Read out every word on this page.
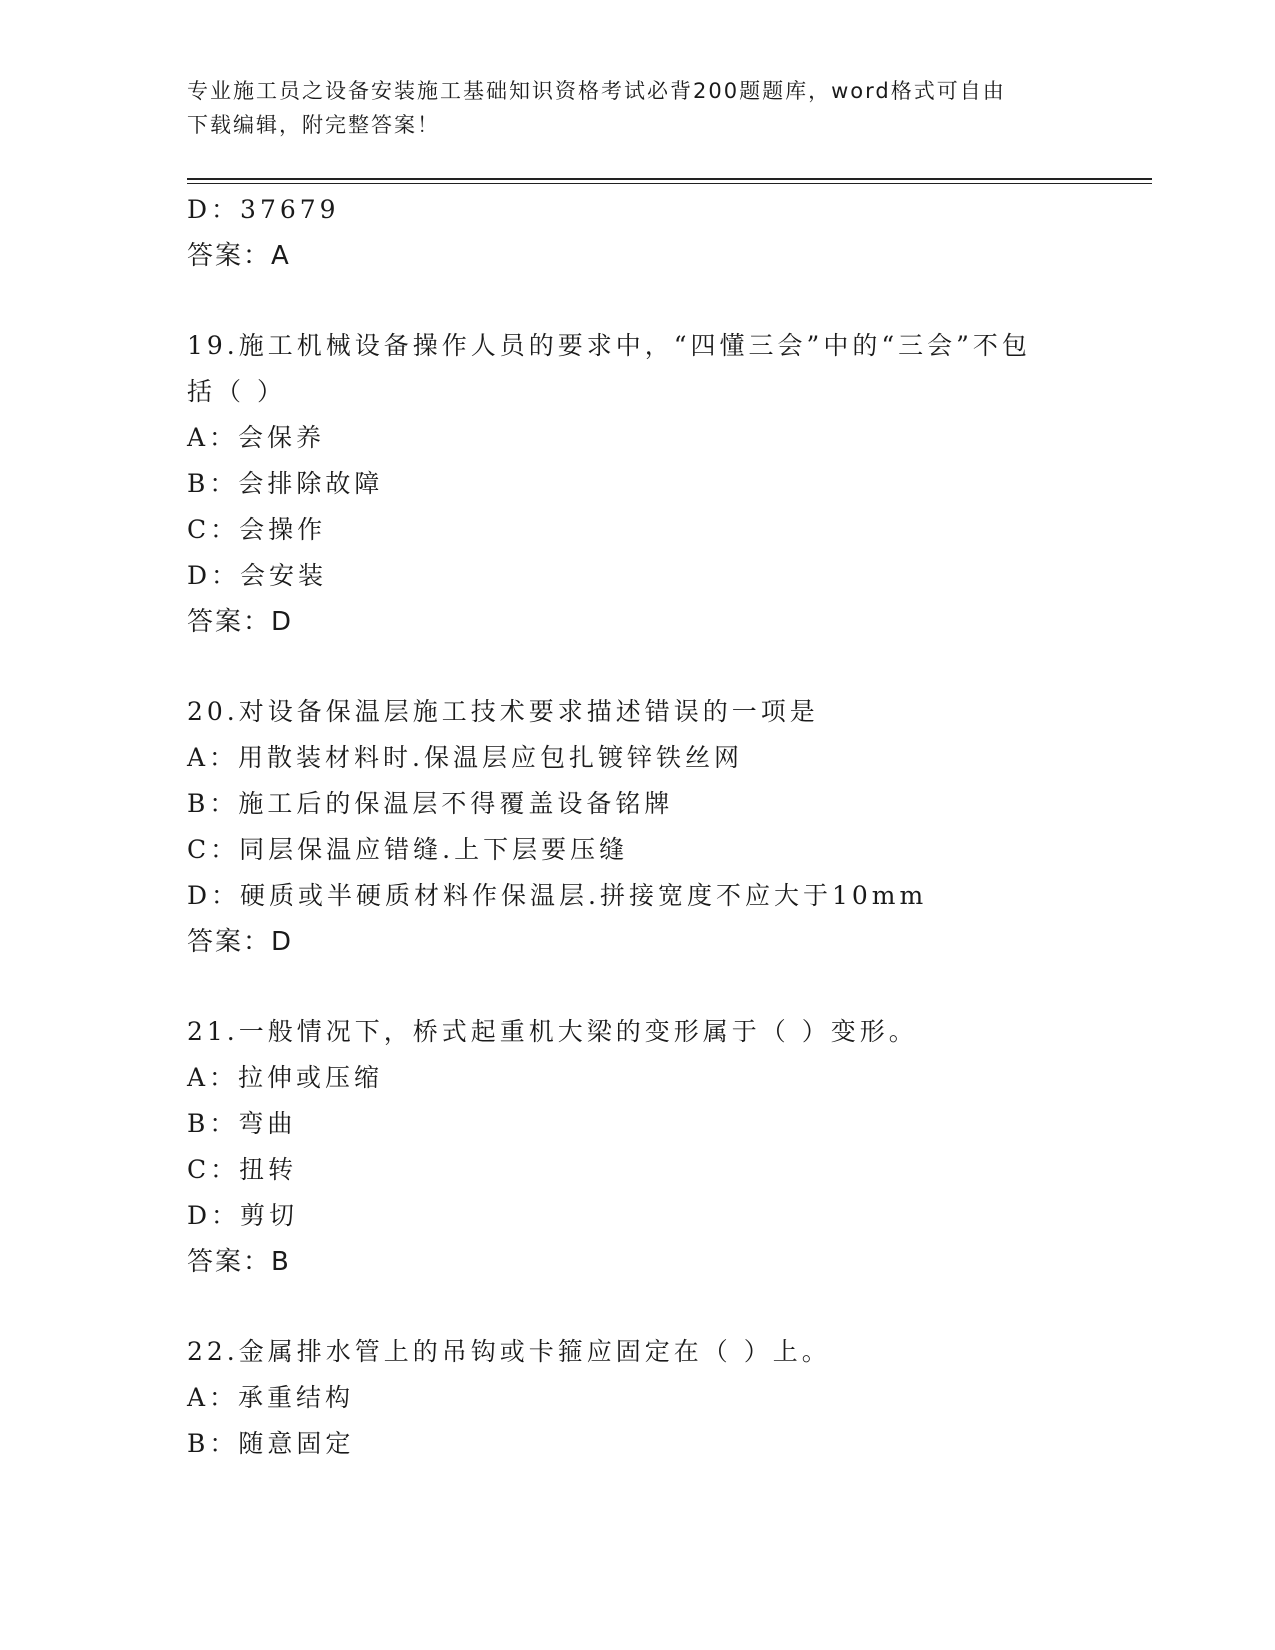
专业施工员之设备安装施工基础知识资格考试必背200题题库，word格式可自由
下载编辑，附完整答案！
D：37679
答案：A
19.施工机械设备操作人员的要求中，“四懂三会”中的“三会”不包
括（ ）
A：会保养
B：会排除故障
C：会操作
D：会安装
答案：D
20.对设备保温层施工技术要求描述错误的一项是
A：用散装材料时.保温层应包扎镀锌铁丝网
B：施工后的保温层不得覆盖设备铭牌
C：同层保温应错缝.上下层要压缝
D：硬质或半硬质材料作保温层.拼接宽度不应大于10mm
答案：D
21.一般情况下，桥式起重机大梁的变形属于（ ）变形。
A：拉伸或压缩
B：弯曲
C：扭转
D：剪切
答案：B
22.金属排水管上的吊钩或卡箍应固定在（ ）上。
A：承重结构
B：随意固定
